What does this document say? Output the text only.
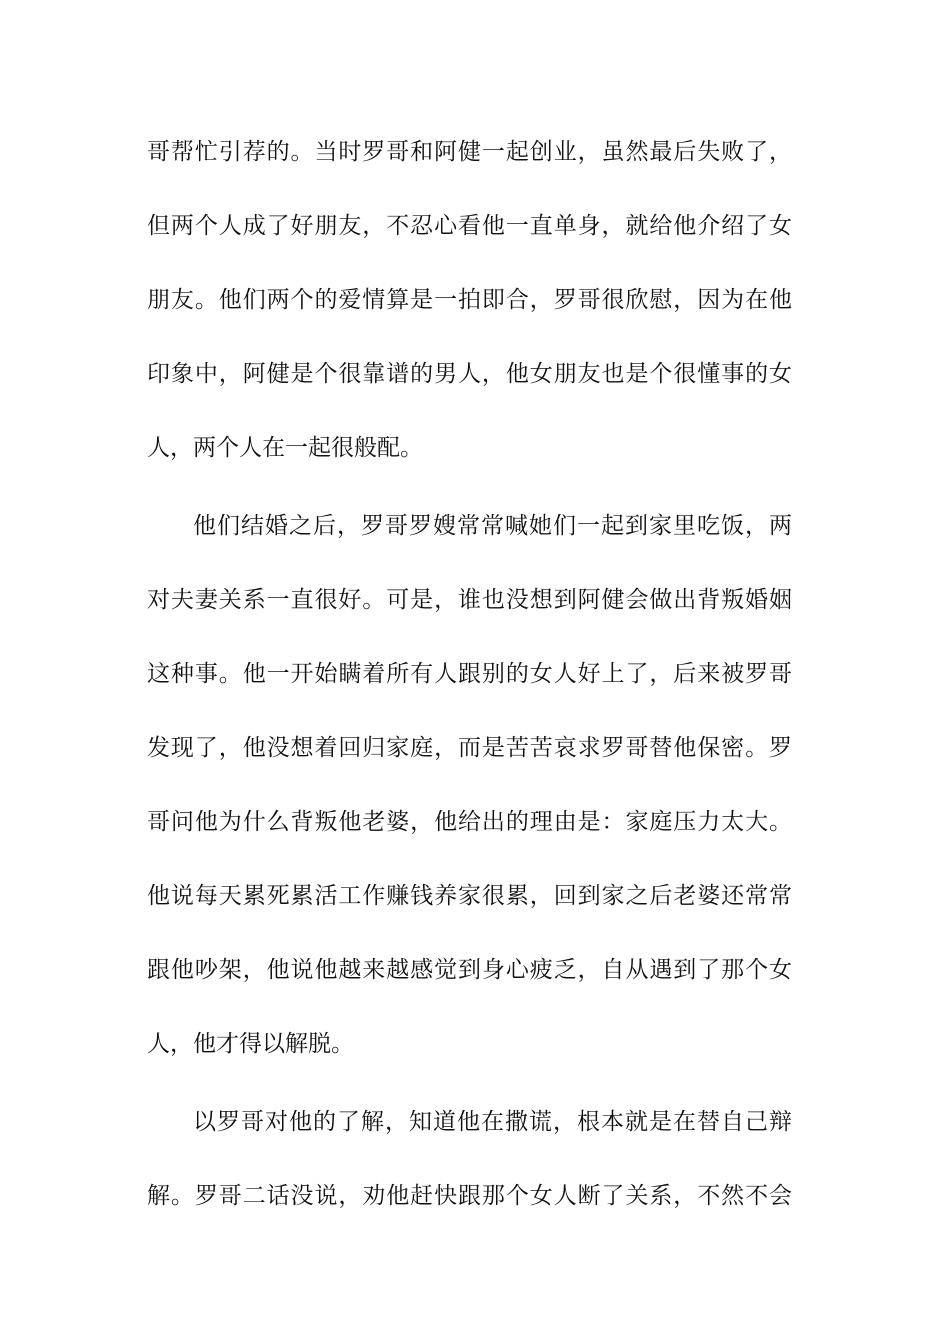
哥帮忙引荐的。当时罗哥和阿健一起创业，虽然最后失败了，
但两个人成了好朋友，不忍心看他一直单身，就给他介绍了女
朋友。他们两个的爱情算是一拍即合，罗哥很欣慰，因为在他
印象中，阿健是个很靠谱的男人，他女朋友也是个很懂事的女
人，两个人在一起很般配。
他们结婚之后，罗哥罗嫂常常喊她们一起到家里吃饭，两
对夫妻关系一直很好。可是，谁也没想到阿健会做出背叛婚姻
这种事。他一开始瞒着所有人跟别的女人好上了，后来被罗哥
发现了，他没想着回归家庭，而是苦苦哀求罗哥替他保密。罗
哥问他为什么背叛他老婆，他给出的理由是：家庭压力太大。
他说每天累死累活工作赚钱养家很累，回到家之后老婆还常常
跟他吵架，他说他越来越感觉到身心疲乏，自从遇到了那个女
人，他才得以解脱。
以罗哥对他的了解，知道他在撒谎，根本就是在替自己辩
解。罗哥二话没说，劝他赶快跟那个女人断了关系，不然不会
